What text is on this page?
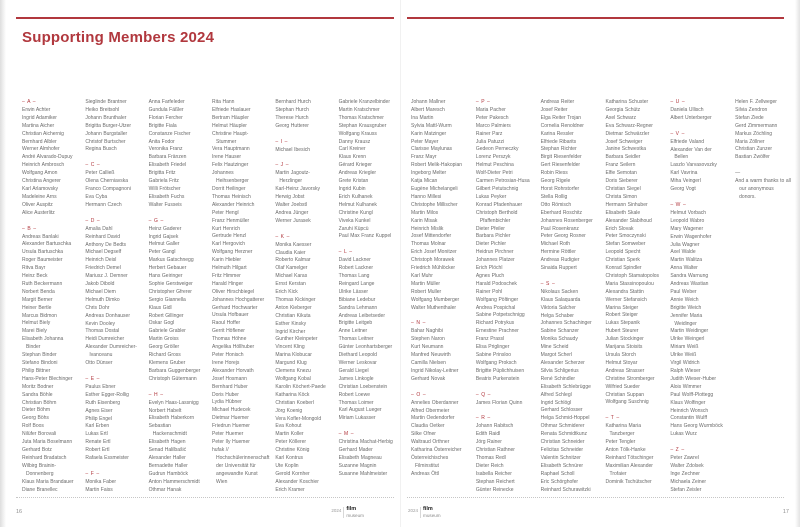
Supporting Members 2024
– A –
Erwin Achter
Ingrid Adamiker
Martina Aicher
Christian Aichernig
Bernhard Albler
Werner Almhofer
André Alvarado-Dupuy
Heinrich Ambrosch
Wolfgang Amon
Christina Angerer
Karl Arlamovsky
Madeleine Arns
Oliver Auspitz
Alice Austerlitz
– B –
Andreas Banlaki
Alexander Bartuschka
Ursula Bartuschka
Roger Baumeister
Ritva Bayr
Heinz Beck
Ruth Beckermann
Norbert Benda
Margit Berner
Heiner Bertle
Marcus Bidmon
Helmut Biely
Marei Biely
Elisabeth Johanna Binder
Stephan Binder
Stefano Bindoni
Philip Bittner
Hans-Peter Blechinger
Moritz Bodner
Sandra Böhle
Christian Böhm
Dieter Böhm
Georg Böhs
Rolf Boos
Nilüfer Borovali
Juta Maria Boselmann
Gerhard Botz
Reinhard Bradatsch
Wilbirg Brainin-Donnenberg
Klaus Maria Brandauer
Diane Branellec
Sieglinde Brantner
Heiko Breitsohl
Johann Brunthaler
Brigitta Burger-Utzer
Johann Burgstaller
Christof Burtscher
Regina Busch
– C –
Peter Calließ
Olena Cherniavska
Franco Compagnoni
Eva Cyba
Hermann Czech
– D –
Amalia Dahl
Reinhard David
Anthony De Bedts
Michael Degself
Heinrich Deisl
Friedrich Demel
Mariusz J. Demner
Jakob Dibold
Michael Diem
Helmuth Dimko
Chris Dohr
Andreas Donhauser
Kevin Dooley
Thomas Dostal
Heidi Dumreicher
Alexander Dumreicher-Ivanceanu
Otto Dünser
– E –
Paulus Ebner
Esther Egger-Rollig
Ruth Eisenberg
Agnes Eiser
Philip Engel
Karl Erben
Lukas Ertl
Renate Ertl
Robert Ertl
Rafaela Essmeister
– F –
Monika Faber
Martin Faiss
Anna Farfeleder
Gundula Fäßler
Florian Fercher
Brigitte Fiala
Constanze Fischer
Anita Fodor
Veronika Franz
Barbara Fränzen
Elisabeth Friedel
Brigitta Fritz
Gabriela Fritz
Willi Frötscher
Elisabeth Fuchs
Walter Fusseis
– G –
Heinz Gaderer
Ingrid Gajsek
Helmut Galler
Peter Gangl
Markus Gatschnegg
Herbert Gebauer
Hans Geiringer
Sophie Gerstweiger
Christopher Gfrerer
Sergio Giannella
Klaus Gidl
Robert Gillinger
Oskar Gogl
Gabriele Grabler
Martin Groiss
Georg Gröller
Richard Gross
Klemens Gruber
Barbara Guggenberger
Christoph Gütermann
– H –
Evelyn Haas-Lassnigg
Norbert Habelt
Elisabeth Haberkorn
Sebastian Hackenschmidt
Elisabeth Hagen
Senad Halilbašić
Alexander Haller
Bernadette Haller
Gudrun Hamböck
Anton Hammerschmidt
Othmar Hanak
Rita Hann
Elfriede Haslauer
Bertram Häupler
Helmut Häupler
Christine Haupt-Stummer
Vera Hauptmann
Irene Hauser
Felix Hautzinger
Johannes Heihsenberger
Dorrit Heilinger
Thomas Heinisch
Alexander Heinrich
Peter Hengl
Franz Henmüller
Kurt Henrich
Gertrude Henzl
Karl Hergovich
Wolfgang Herzner
Karin Hiebler
Helmuth Hilgart
Fritz Himmer
Harald Hinger
Oliver Hirschbiegel
Johannes Hochgatterer
Gerhard Hochwarter
Ursula Hofbauer
Raoul Hoffer
Gerrit Höflener
Thomas Höhne
Angelika Höllhuber
Peter Honisch
Irene Horejs
Alexander Horvath
Josef Hosmann
Bernhard Huber
Doris Huber
Lydia Hübner
Michael Hudecek
Dietmar Huemer
Friedrun Huemer
Peter Huemer
Peter Ily Huemer
hufak // Hochschülerinnenschaft der Universität für angewandte Kunst Wien
Bernhard Hurch
Stephan Hurch
Therese Hurch
Georg Hutterer
– I –
Michael Ibesich
– J –
Martin Jagoutz-Herzlinger
Karl-Heinz Javorsky
Herwig Jobst
Walter Joebstl
Andrea Jünger
Werner Jurasek
– K –
Monika Kaesser
Claudia Kaier
Roberto Kalmar
Olaf Kamelger
Michael Karas
Ernst Kerstan
Erich Kick
Thomas Kickinger
Anton Kieberger
Christian Kikuta
Esther Kinsky
Ingrid Kircher
Gunther Kleinpeter
Vincent Kling
Marina Klobucar
Margund Klug
Clemens Knezu
Wolfgang Kobal
Karolin Köchert-Paede
Katharina Köck
Christian Koeberl
Jörg Koenig
Vera Kofler-Mongold
Eva Kohout
Martin Koller
Peter Köllerer
Christine König
Karl Kontrus
Ute Koplin
Gerold Kornher
Alexander Koschier
Erich Kramer
Gabriele Kranzelbinder
Martin Kratschmer
Thomas Kratschmer
Stephan Krausgruber
Wolfgang Krauss
Danny Krausz
Carl Kreiner
Klaus Krenn
Gérard Krieger
Andreas Kriegler
Grete Kristan
Ingrid Kubin
Erich Kulhanek
Helmut Kulhanek
Christine Kungl
Viveka Kunkel
Zaruhi Küpcü
Paul Max Franz Kuppel
– L –
David Lackner
Robert Lackner
Thomas Lang
Reingard Lange
Ulrike Lässer
Bibiane Ledebur
Sandra Lehmann
Andreas Leibetseder
Brigitte Leitgeb
Anne Leitner
Thomas Leitner
Günter Leonhartsberger
Diethard Leopold
Werner Leskovar
Gerald Liegel
James Linkogle
Christian Loebenstein
Robert Loewe
Thomas Loimer
Karl August Lueger
Miriam Lukasser
– M –
Christina Machat-Herbig
Gerhard Mader
Elisabeth Magneau
Suzanne Magnin
Susanne Mahlmeister
16	2024 film
museum
Johann Mallner
Albert Maresch
Ina Martin
Sylvia Mattl-Wurm
Karin Matzinger
Peter Mayer
Clarisse Maylunas
Franz Mayr
Robert Melik-Hakopian
Ingeborg Melter
Katja Mican
Eugène Michelangeli
Hanno Millesi
Christophe Millischer
Martin Milos
Karin Misak
Heinrich Mislik
Josef Mittendorfer
Thomas Molnar
Erich Josef Monitzer
Christoph Morawek
Friedrich Mühlöcker
Karl Muhr
Martin Müller
Robert Muller
Wolfgang Mumberger
Walter Muthenthaler
– N –
Bahar Naghibi
Stephen Naron
Kurt Neumann
Manfred Neuwirth
Camilla Nielsen
Ingrid Nikolay-Leitner
Gerhard Novak
– O –
Annelies Oberdanner
Alfred Obermeier
Martin Oedendorfer
Claudia Oetker
Silke Ofner
Waltraud Orthner
Katharina Österreicher
Österreichisches Filminstitut
Andreas Öttl
– P –
Maria Pacher
Peter Pakesch
Marco Palmiers
Rainer Parz
Julia Patuzzi
Gedeon Perneczky
Lorenz Perszyk
Helmut Peschina
Wolf-Dieter Petri
Carmen Petrosian-Husa
Gilbert Petutschnig
Lukas Peyker
Konrad Pfadenhauer
Christoph Berthold Pfaffenbichler
Dieter Pfeiler
Barbara Pichler
Dieter Pichler
Heidrun Pirchner
Johannes Platzer
Erich Plöchl
Agnes Pluch
Harald Podoschek
Rainer Pohl
Wolfgang Pöltinger
Andrea Pospichal
Sabine Potpetschnigg
Richard Potrykus
Ernestine Prachner
Franz Prassl
Elisa Priglinger
Sabine Prinsloo
Wolfgang Proksch
Brigitte Püplichhuisen
Beatrix Purkenstein
– Q –
James Florian Quinn
– R –
Johann Rabitsch
Edith Raidl
Jörg Rainer
Christian Rathner
Thomas Redl
Dieter Reich
Isabella Reicher
Stephan Reichert
Günter Reinecke
Andreas Reiter
Josef Reiter
Elga Reiter Trojan
Cornelia Renoldner
Karina Ressler
Elfriede Ribarits
Stephan Richter
Birgit Riesenfelder
Gert Riesenfelder
Robin Riess
Georg Rigele
Horst Rohrstorfer
Stella Rollig
Otto Römisch
Eberhard Roschitz
Johannes Rosenberger
Paul Rosenkranz
Peter Georg Rosner
Michael Roth
Hermine Röttler
Andreas Rudigier
Sinaida Ruppert
– S –
Nikolaus Sacken
Klaus Salaquarda
Viktoria Salcher
Helga Schaber
Johannes Schachinger
Sabine Schanzer
Monika Schaudy
Mine Scheid
Margot Scherl
Alexander Scherzer
Silvia Schligerius
René Schindler
Elisabeth Schlebrügge
Alfred Schlegl
Ingrid Schlögl
Gerhard Schlosser
Helga Schmid-Hoppel
Othmar Schmiderer
Renata Schmidtkunz
Christian Schneider
Felicitas Schneider
Valentin Schnitzer
Elisabeth Schnürer
Raphael Scholl
Eric Schörghofer
Reinhard Schurawitzki
Katharina Schuster
Georgia Schütz
Axel Schwarz
Eva Schwarz-Regner
Dietmar Schwärzler
Josef Schweiger
Janine Schwestka
Barbara Seidler
Franz Seilern
Elfie Semotan
Doris Sieberer
Christian Siegel
Christa Simon
Hermann Sinhuber
Elisabeth Skale
Alexander Slabihoud
Erich Slovak
Peter Smoczynski
Stefan Somweber
Leopold Specht
Christian Sperk
Konrad Spindler
Christoph Stamatopolos
Maria Stassinopoulou
Alexandra Stattin
Werner Stefansich
Marina Steiger
Robert Steiger
Lukas Stepanik
Hubert Steurer
Julian Stockinger
Marijana Stoisits
Ursula Storch
Helmut Stoyar
Andreas Strasser
Christine Stromberger
Wilfried Sueder
Christian Suppan
Wolfgang Suschnig
– T –
Katharina Maria Tanzberger
Peter Tengler
Anton Tölk-Hanke
Reinhard Tötschinger
Maximilian Alexander Trofaier
Dominik Tschütscher
– U –
Daniela Ullisch
Albert Unterberger
– V –
Elfriede Valand
Alexander Van der Bellen
Laszlo Varvasovszky
Karl Vavrina
Miha Veingerl
Georg Vogt
– W –
Helmut Vorbach
Leopold Wabro
Mary Wagener
Erwin Wagenhofer
Julia Wagner
Axel Walde
Martin Walitza
Anna Walter
Sandra Warnung
Andreas Wastian
Paul Weber
Annie Weich
Brigitte Weich
Jennifer Maria Weidinger
Martin Weidinger
Ulrike Weingerl
Miriam Weiß
Ulrike Weiß
Virgil Widrich
Ralph Wieser
Judith Wieser-Huber
Alois Wimmer
Paul Wolff-Plottegg
Klaus Wolfinger
Heinrich Wonsch
Constantin Wulff
Hans Georg Wurmböck
Lukas Wurz
– Z –
Peter Zawrel
Walter Zdolsek
Inge Zechner
Michaela Zeiner
Stefan Zeisler
Helen F. Zellweger
Silvia Zendron
Stefan Ziede
Gerd Zimmermann
Markus Zöchling
Maria Zöllner
Christian Zunzer
Bastian Zwölfer
—
And a warm thanks to all our anonymous donors.
2024 film
museum
17
